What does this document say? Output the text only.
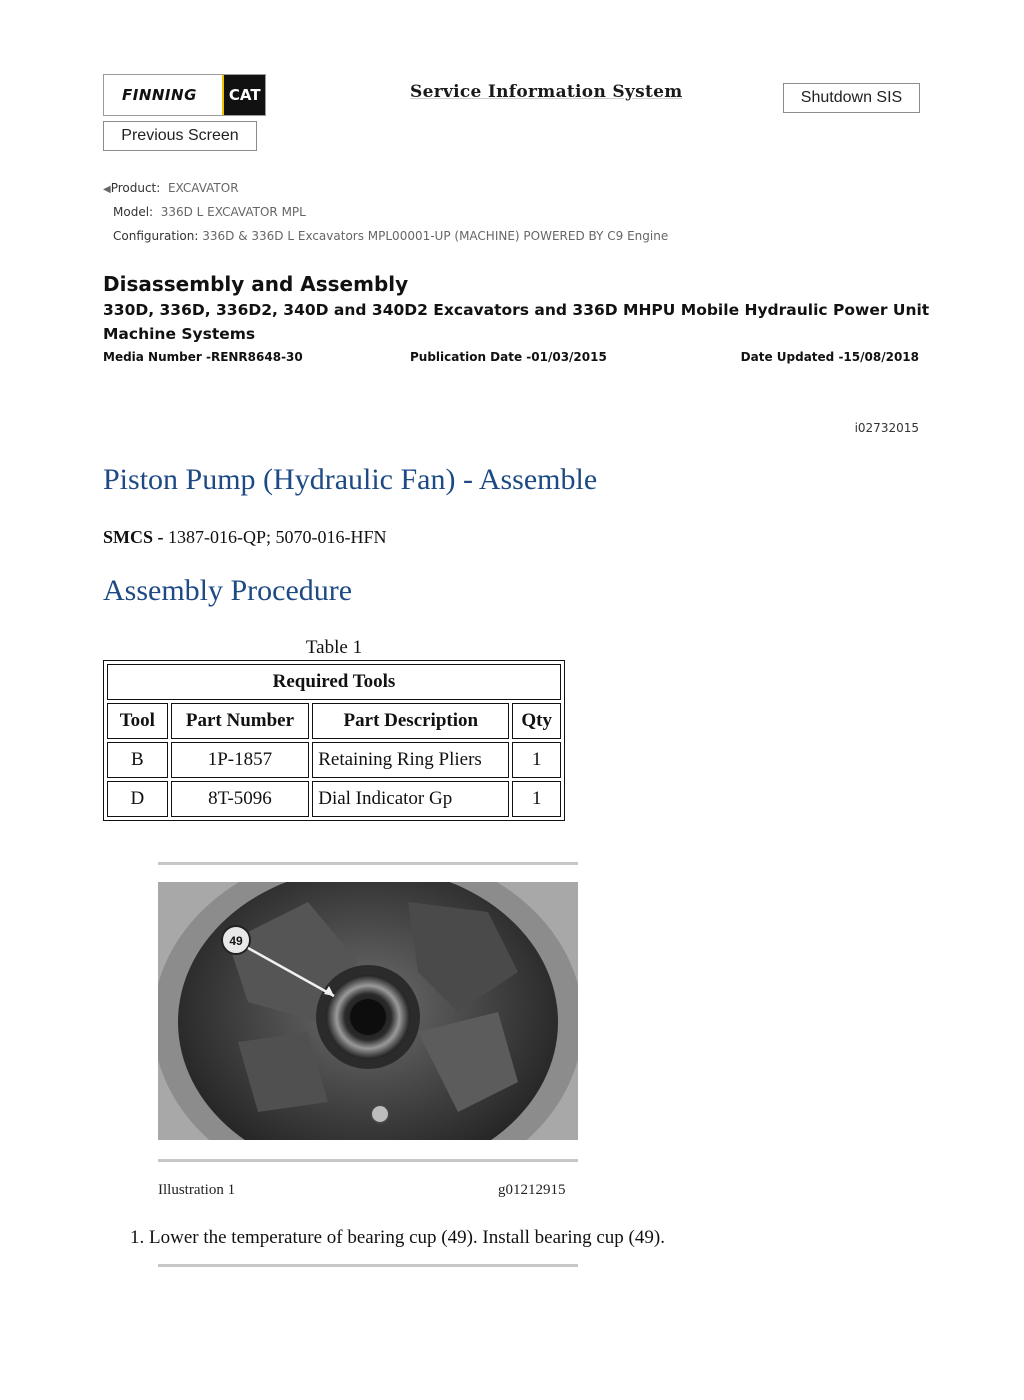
FINNING	CAT
Previous Screen
Service Information System	Shutdown SIS
◀Product: EXCAVATOR
Model: 336D L EXCAVATOR MPL
Configuration: 336D & 336D L Excavators MPL00001-UP (MACHINE) POWERED BY C9 Engine
Disassembly and Assembly
330D, 336D, 336D2, 340D and 340D2 Excavators and 336D MHPU Mobile Hydraulic Power Unit Machine Systems
Media Number -RENR8648-30	Publication Date -01/03/2015	Date Updated -15/08/2018
i02732015
Piston Pump (Hydraulic Fan) - Assemble
SMCS - 1387-016-QP; 5070-016-HFN
Assembly Procedure
Table 1
Required Tools			
Tool	Part Number	Part Description	Qty
B	1P-1857	Retaining Ring Pliers	1
D	8T-5096	Dial Indicator Gp	1
49
Illustration 1	g01212915
1. Lower the temperature of bearing cup (49). Install bearing cup (49).
